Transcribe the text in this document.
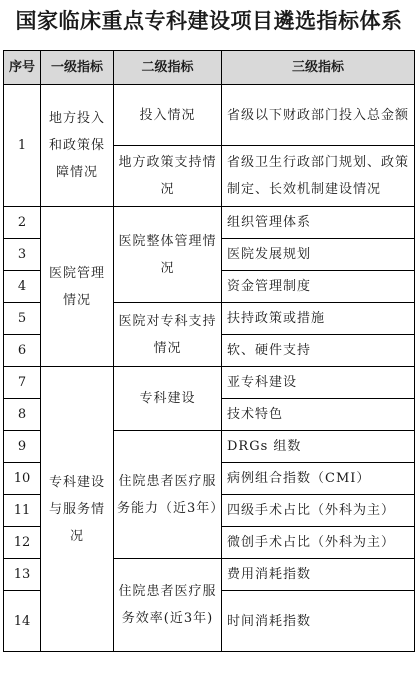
国家临床重点专科建设项目遴选指标体系
序号	一级指标	二级指标	三级指标
1	地方投入和政策保障情况	投入情况	省级以下财政部门投入总金额
		地方政策支持情况	省级卫生行政部门规划、政策制定、长效机制建设情况
2	医院管理情况	医院整体管理情况	组织管理体系
3			医院发展规划
4			资金管理制度
5		医院对专科支持情况	扶持政策或措施
6			软、硬件支持
7	专科建设与服务情况	专科建设	亚专科建设
8			技术特色
9		住院患者医疗服务能力（近3年）	DRGs 组数
10			病例组合指数（CMI）
11			四级手术占比（外科为主）
12			微创手术占比（外科为主）
13		住院患者医疗服务效率(近3年)	费用消耗指数
14			时间消耗指数
